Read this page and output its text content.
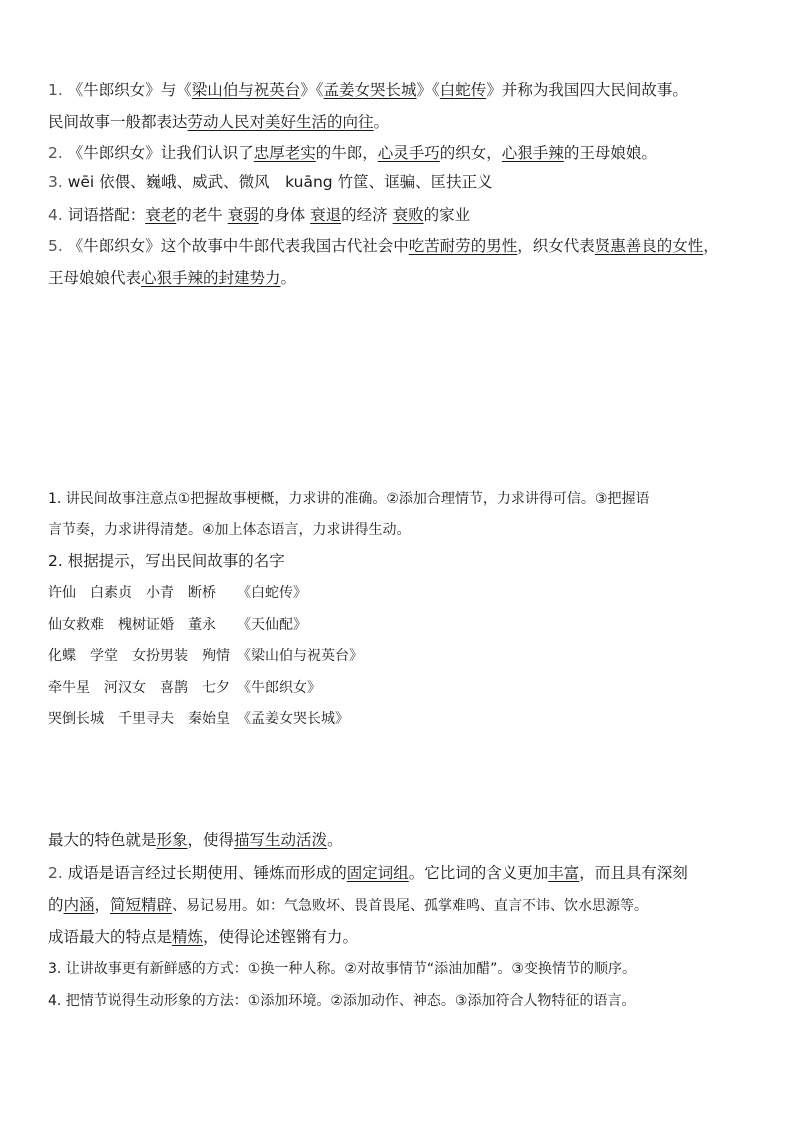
1. 《牛郎织女》与《梁山伯与祝英台》《孟姜女哭长城》《白蛇传》并称为我国四大民间故事。
民间故事一般都表达劳动人民对美好生活的向往。
2. 《牛郎织女》让我们认识了忠厚老实的牛郎，心灵手巧的织女，心狠手辣的王母娘娘。
3. wēi 依偎、巍峨、威武、微风　kuāng 竹筐、诓骗、匡扶正义
4. 词语搭配：衰老的老牛 衰弱的身体 衰退的经济 衰败的家业
5. 《牛郎织女》这个故事中牛郎代表我国古代社会中吃苦耐劳的男性，织女代表贤惠善良的女性，
王母娘娘代表心狠手辣的封建势力。
1. 讲民间故事注意点①把握故事梗概，力求讲的准确。②添加合理情节，力求讲得可信。③把握语
言节奏，力求讲得清楚。④加上体态语言，力求讲得生动。
2. 根据提示，写出民间故事的名字
许仙　白素贞　小青　断桥　　《白蛇传》
仙女救难　槐树证婚　董永　　《天仙配》
化蝶　学堂　女扮男装　殉情　《梁山伯与祝英台》
牵牛星　河汉女　喜鹊　七夕　《牛郎织女》
哭倒长城　千里寻夫　秦始皇　《孟姜女哭长城》
最大的特色就是形象，使得描写生动活泼。
2. 成语是语言经过长期使用、锤炼而形成的固定词组。它比词的含义更加丰富，而且具有深刻
的内涵，简短精辟、易记易用。如：气急败坏、畏首畏尾、孤掌难鸣、直言不讳、饮水思源等。
成语最大的特点是精炼，使得论述铿锵有力。
3. 让讲故事更有新鲜感的方式：①换一种人称。②对故事情节“添油加醋”。③变换情节的顺序。
4. 把情节说得生动形象的方法：①添加环境。②添加动作、神态。③添加符合人物特征的语言。
